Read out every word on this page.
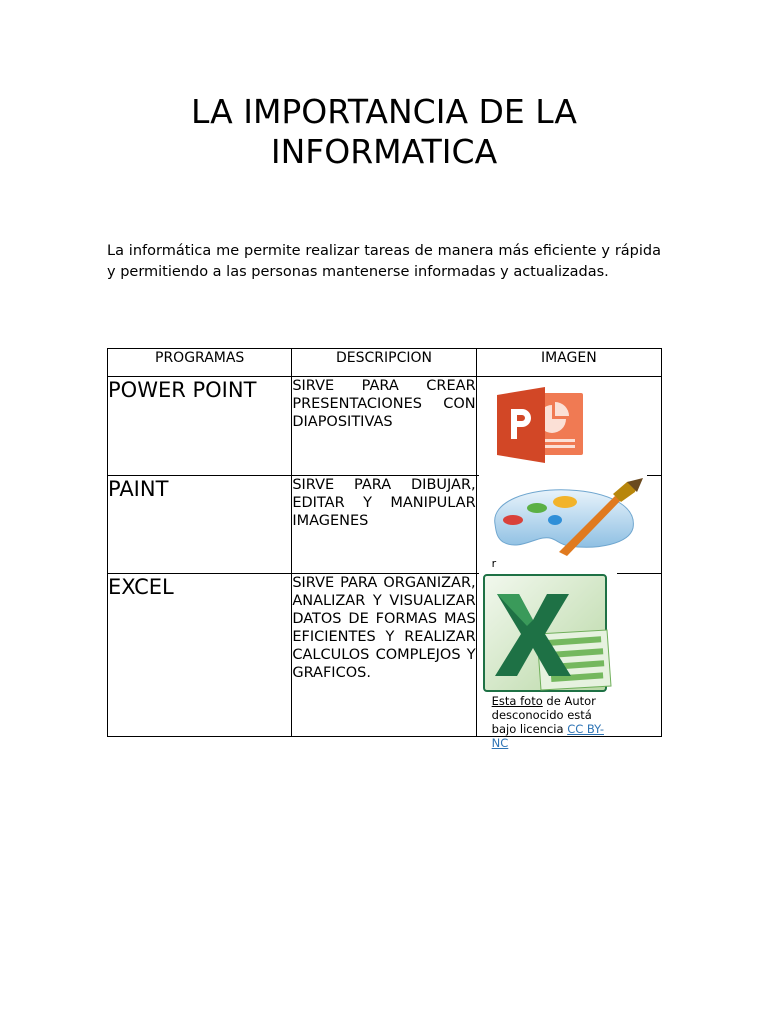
LA IMPORTANCIA DE LA
INFORMATICA

La informática me permite realizar tareas de manera más eficiente y rápida y permitiendo a las personas mantenerse informadas y actualizadas.

PROGRAMAS	DESCRIPCION	IMAGEN
POWER POINT	SIRVE PARA CREAR PRESENTACIONES CON DIAPOSITIVAS	

PAINT	SIRVE PARA DIBUJAR, EDITAR Y MANIPULAR IMAGENES	r

EXCEL	SIRVE PARA ORGANIZAR, ANALIZAR Y VISUALIZAR DATOS DE FORMAS MAS EFICIENTES Y REALIZAR CALCULOS COMPLEJOS Y GRAFICOS.	Esta foto de Autor desconocido está bajo licencia CC BY-NC
